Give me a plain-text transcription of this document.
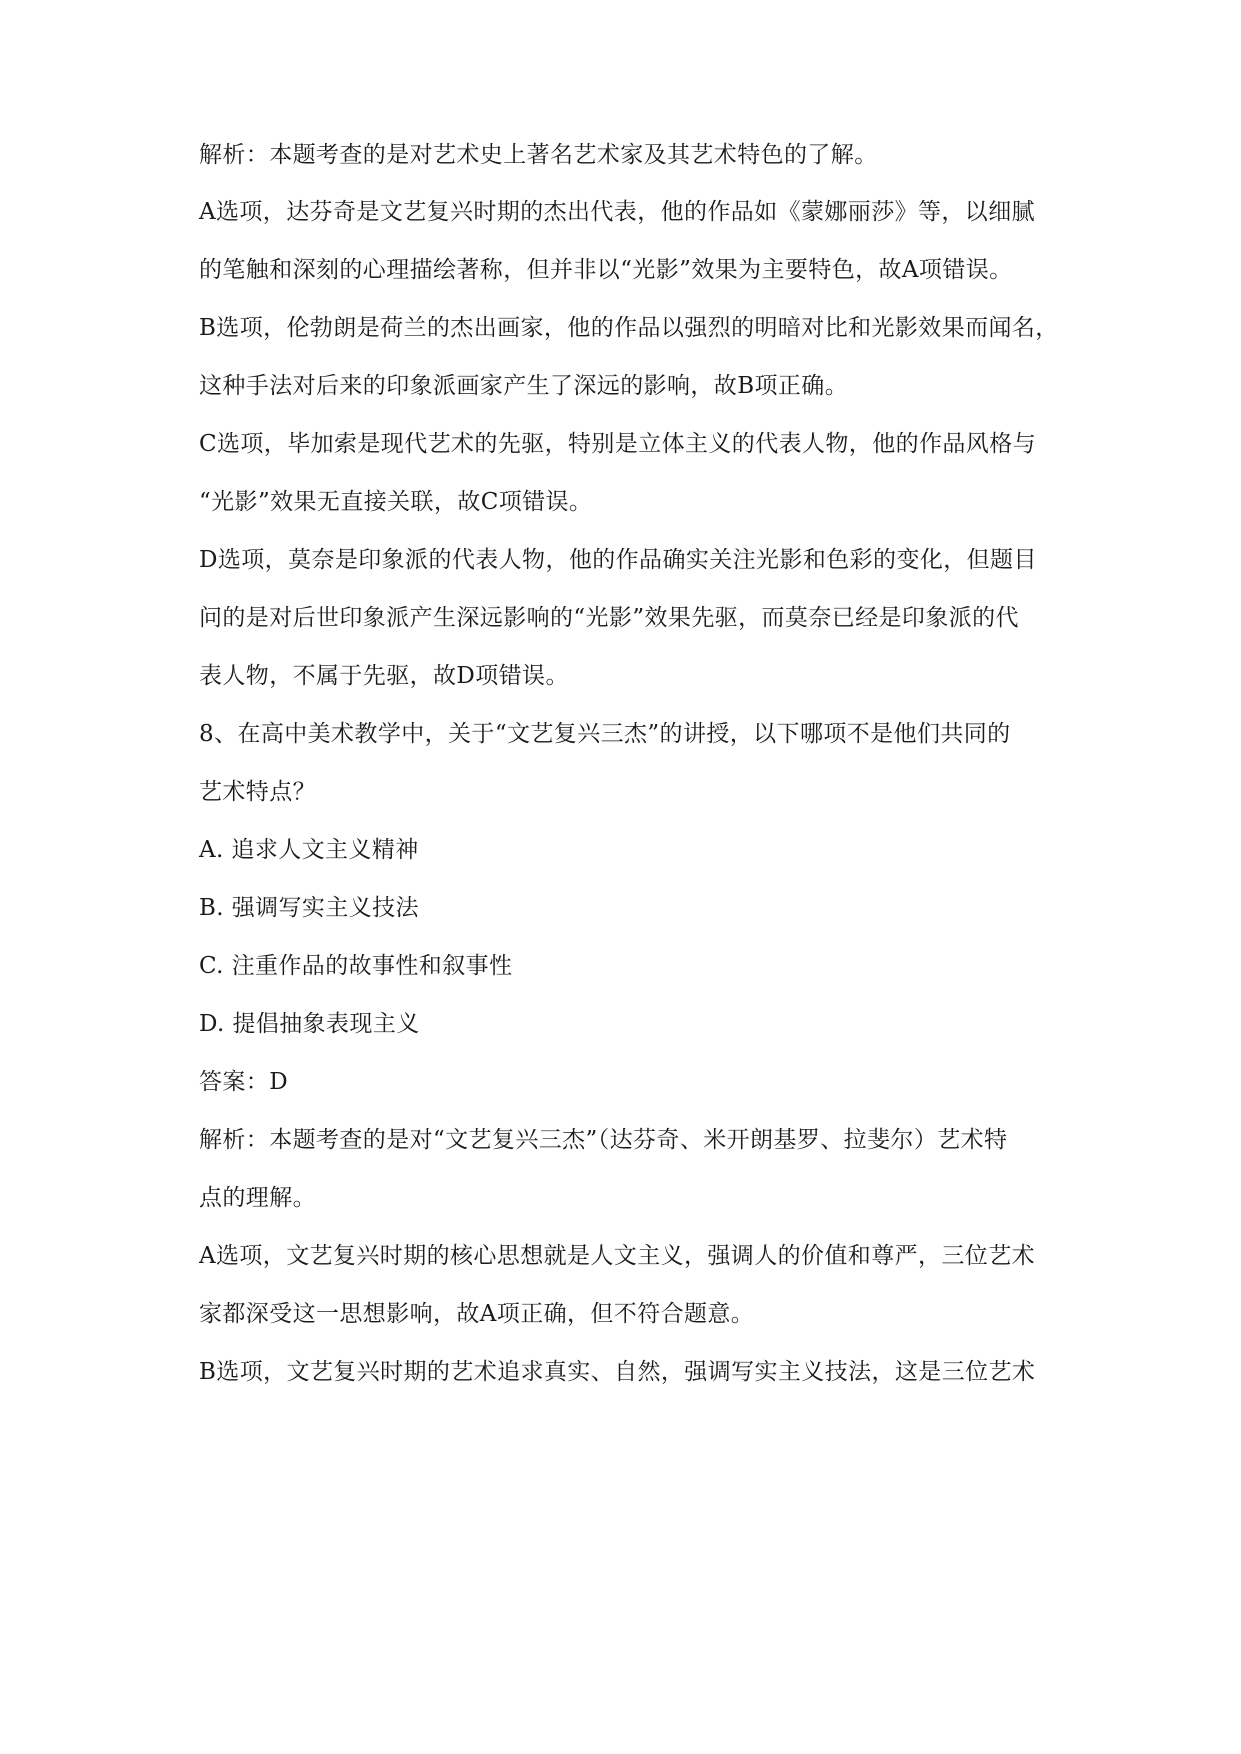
解析：本题考查的是对艺术史上著名艺术家及其艺术特色的了解。
A选项，达芬奇是文艺复兴时期的杰出代表，他的作品如《蒙娜丽莎》等，以细腻
的笔触和深刻的心理描绘著称，但并非以“光影”效果为主要特色，故A项错误。
B选项，伦勃朗是荷兰的杰出画家，他的作品以强烈的明暗对比和光影效果而闻名，
这种手法对后来的印象派画家产生了深远的影响，故B项正确。
C选项，毕加索是现代艺术的先驱，特别是立体主义的代表人物，他的作品风格与
“光影”效果无直接关联，故C项错误。
D选项，莫奈是印象派的代表人物，他的作品确实关注光影和色彩的变化，但题目
问的是对后世印象派产生深远影响的“光影”效果先驱，而莫奈已经是印象派的代
表人物，不属于先驱，故D项错误。
8、在高中美术教学中，关于“文艺复兴三杰”的讲授，以下哪项不是他们共同的
艺术特点？
A. 追求人文主义精神
B. 强调写实主义技法
C. 注重作品的故事性和叙事性
D. 提倡抽象表现主义
答案：D
解析：本题考查的是对“文艺复兴三杰”（达芬奇、米开朗基罗、拉斐尔）艺术特
点的理解。
A选项，文艺复兴时期的核心思想就是人文主义，强调人的价值和尊严，三位艺术
家都深受这一思想影响，故A项正确，但不符合题意。
B选项，文艺复兴时期的艺术追求真实、自然，强调写实主义技法，这是三位艺术
